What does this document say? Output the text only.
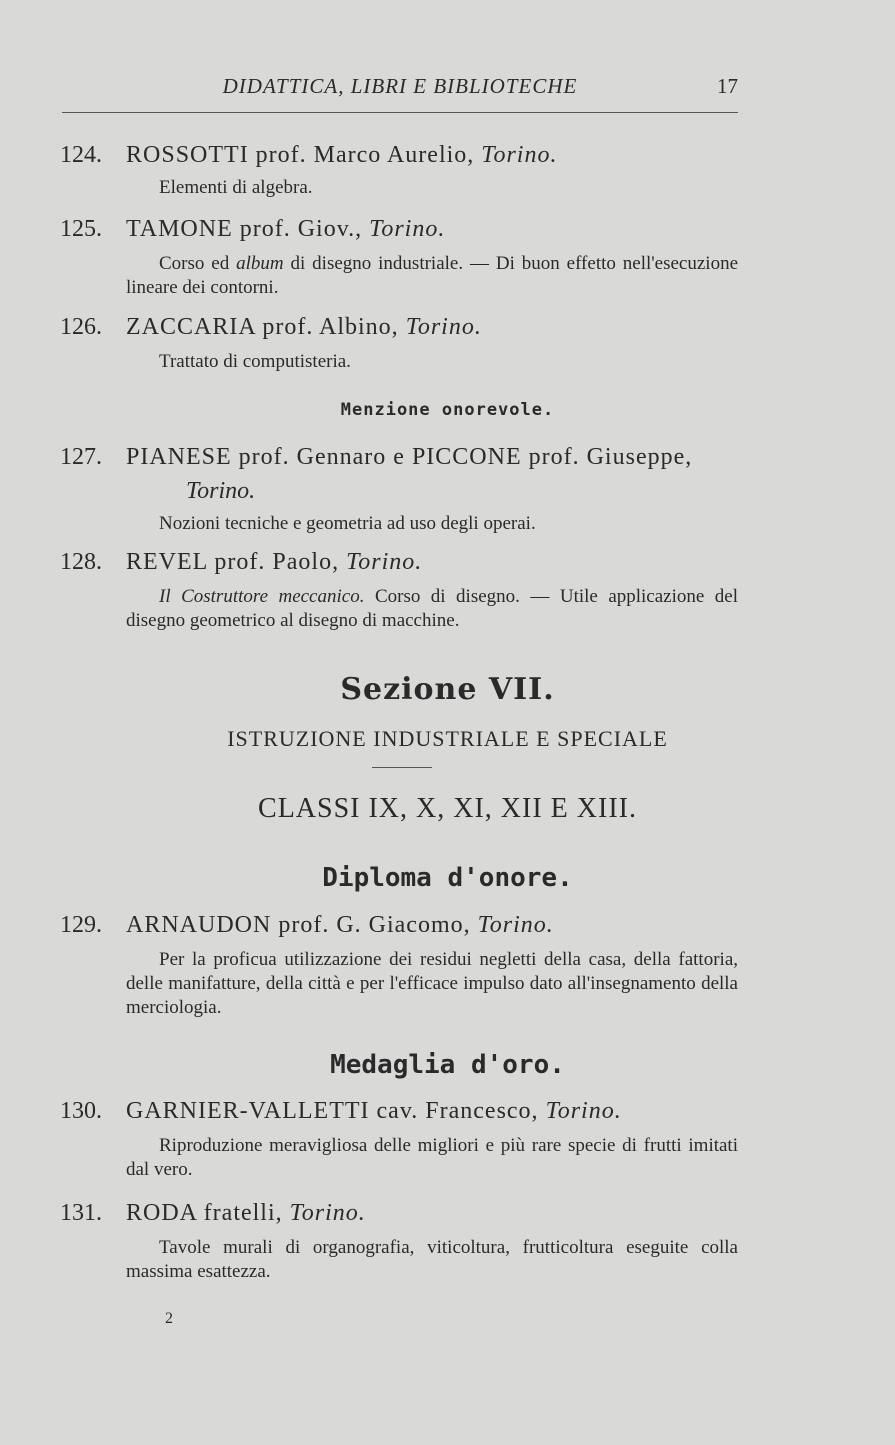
DIDATTICA, LIBRI E BIBLIOTECHE	17
124. ROSSOTTI prof. Marco Aurelio, Torino.
Elementi di algebra.
125. TAMONE prof. Giov., Torino.
Corso ed album di disegno industriale. — Di buon effetto nell'esecuzione lineare dei contorni.
126. ZACCARIA prof. Albino, Torino.
Trattato di computisteria.
Menzione onorevole.
127. PIANESE prof. Gennaro e PICCONE prof. Giuseppe,
Torino.
Nozioni tecniche e geometria ad uso degli operai.
128. REVEL prof. Paolo, Torino.
Il Costruttore meccanico. Corso di disegno. — Utile applicazione del disegno geometrico al disegno di macchine.
Sezione VII.
ISTRUZIONE INDUSTRIALE E SPECIALE
CLASSI IX, X, XI, XII E XIII.
Diploma d'onore.
129. ARNAUDON prof. G. Giacomo, Torino.
Per la proficua utilizzazione dei residui negletti della casa, della fattoria, delle manifatture, della città e per l'efficace impulso dato all'insegnamento della merciologia.
Medaglia d'oro.
130. GARNIER-VALLETTI cav. Francesco, Torino.
Riproduzione meravigliosa delle migliori e più rare specie di frutti imitati dal vero.
131. RODA fratelli, Torino.
Tavole murali di organografia, viticoltura, frutticoltura eseguite colla massima esattezza.
2
